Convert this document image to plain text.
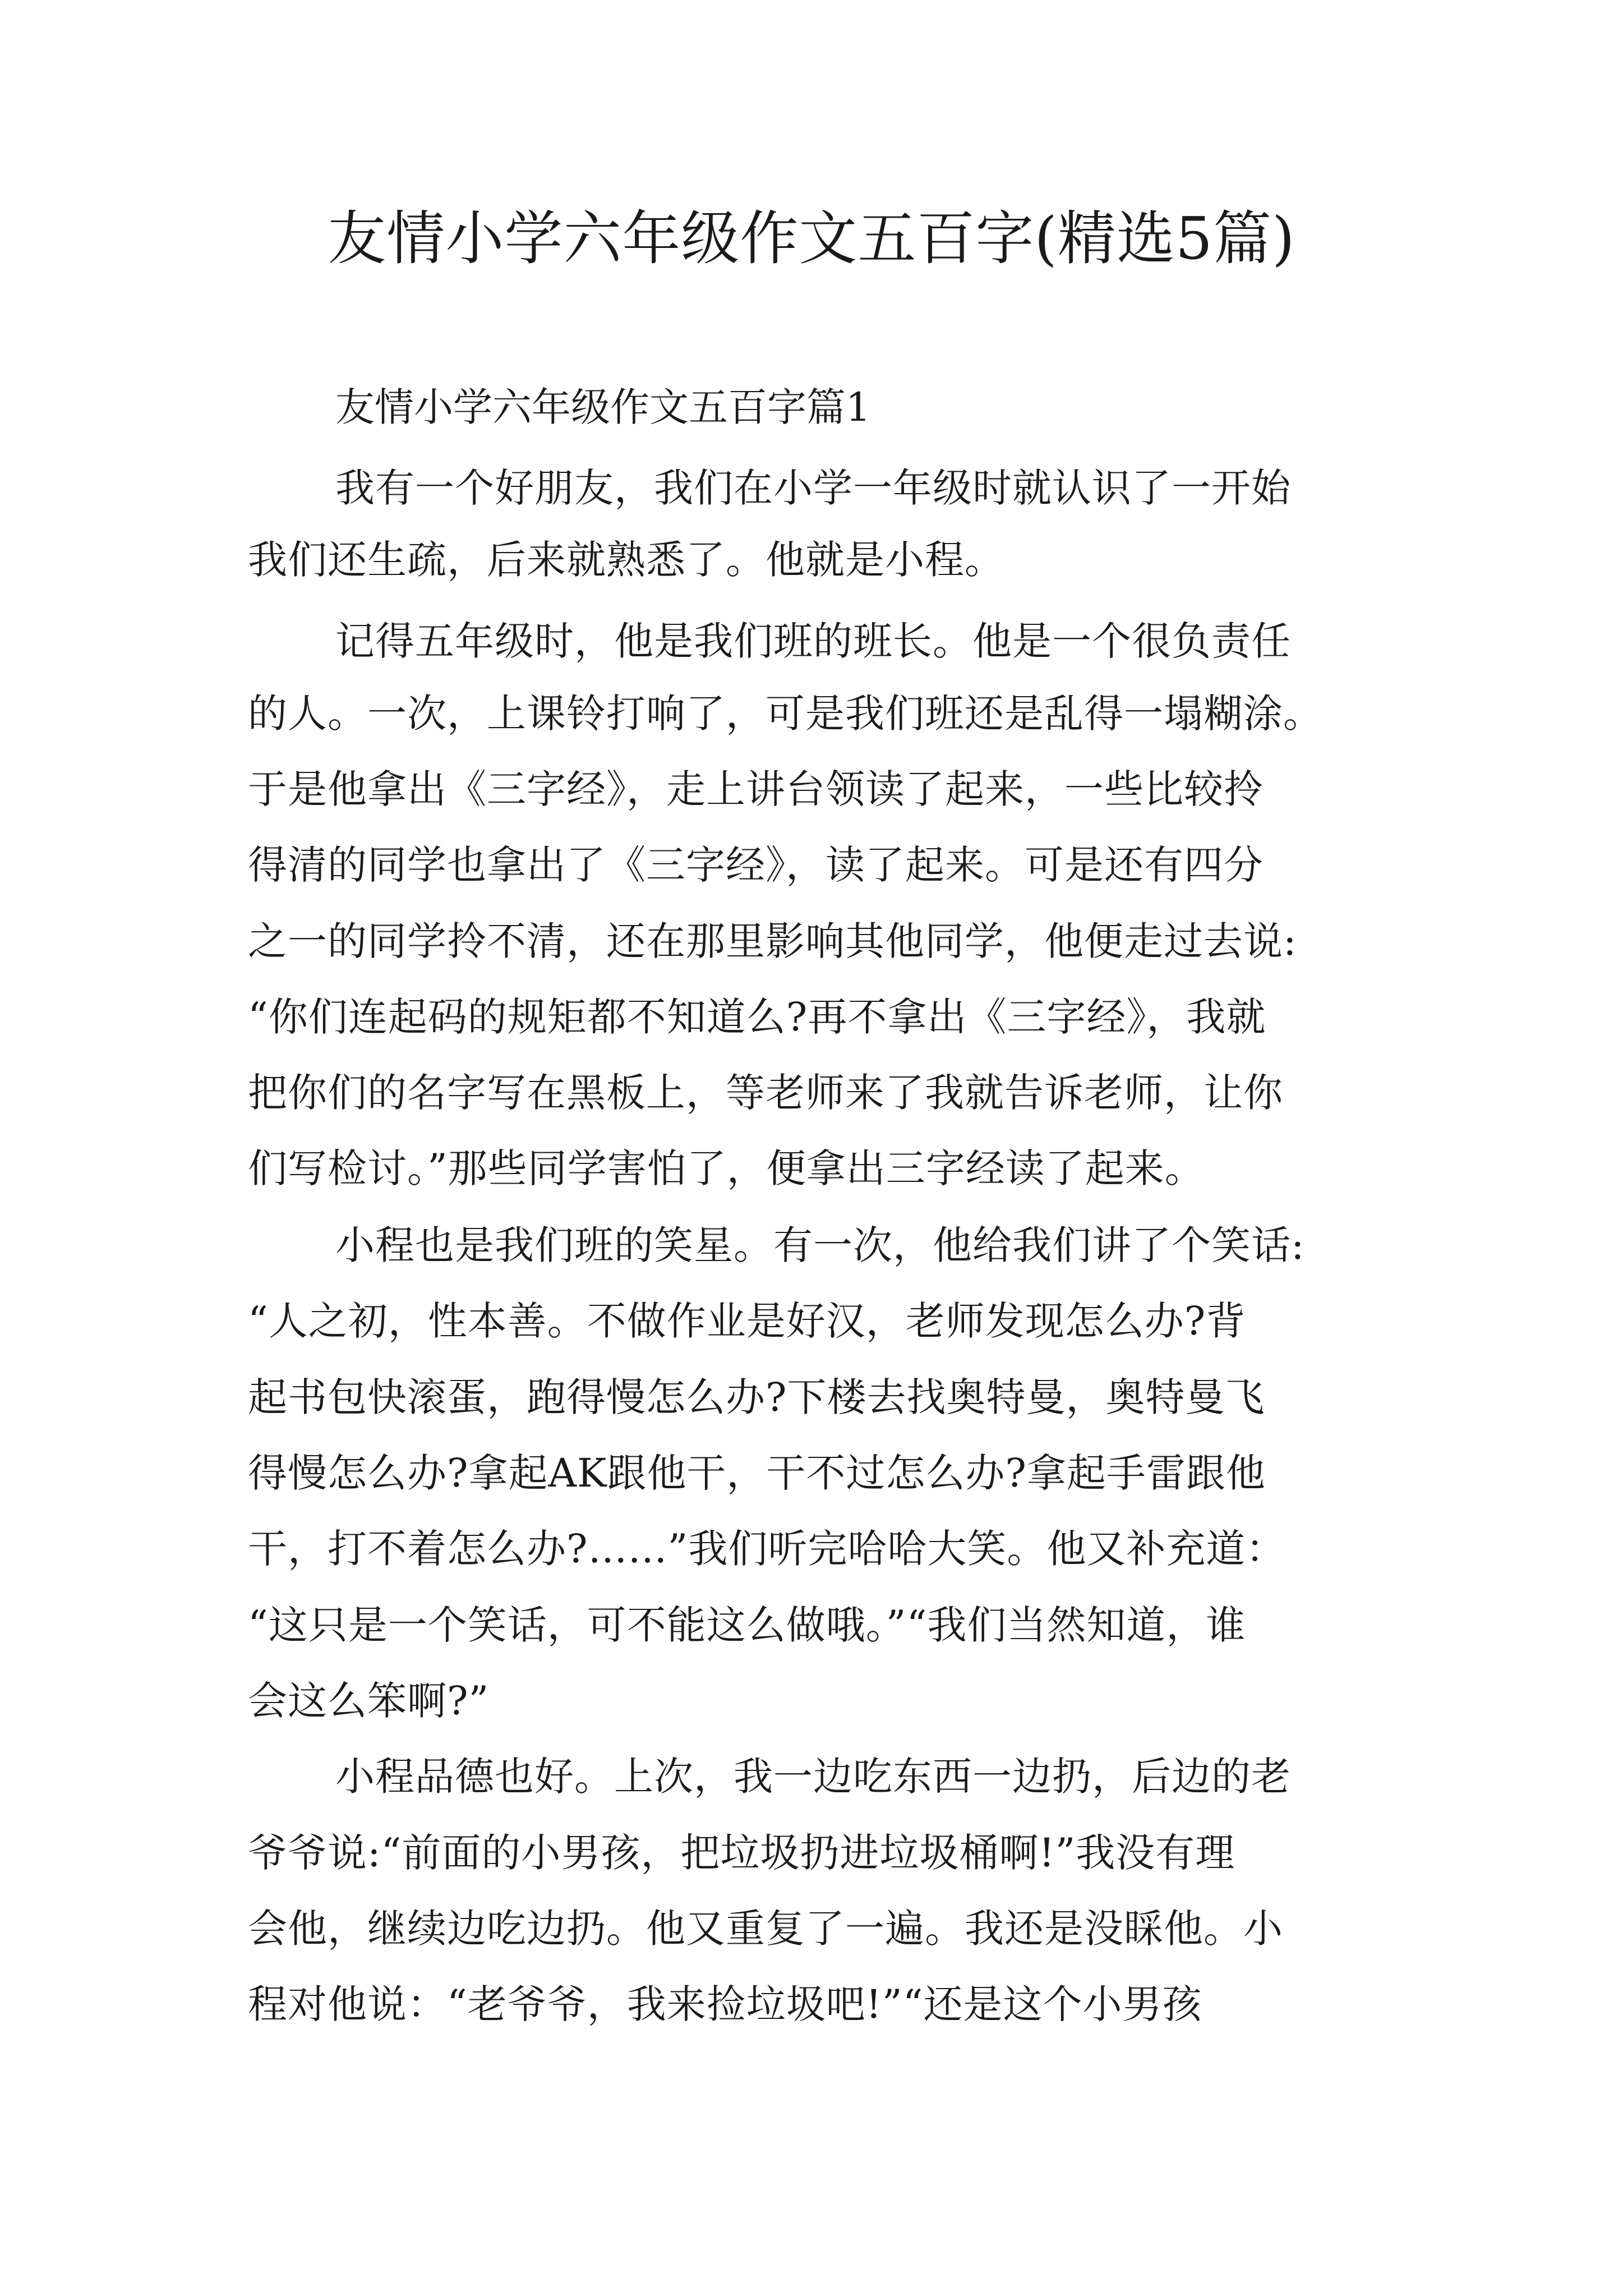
友情小学六年级作文五百字(精选5篇)

友情小学六年级作文五百字篇1

我有一个好朋友，我们在小学一年级时就认识了一开始

我们还生疏，后来就熟悉了。他就是小程。

记得五年级时，他是我们班的班长。他是一个很负责任

的人。一次，上课铃打响了，可是我们班还是乱得一塌糊涂。

于是他拿出《三字经》，走上讲台领读了起来，一些比较拎

得清的同学也拿出了《三字经》，读了起来。可是还有四分

之一的同学拎不清，还在那里影响其他同学，他便走过去说:

“你们连起码的规矩都不知道么?再不拿出《三字经》，我就

把你们的名字写在黑板上，等老师来了我就告诉老师，让你

们写检讨。”那些同学害怕了，便拿出三字经读了起来。

小程也是我们班的笑星。有一次，他给我们讲了个笑话:

“人之初，性本善。不做作业是好汉，老师发现怎么办?背

起书包快滚蛋，跑得慢怎么办?下楼去找奥特曼，奥特曼飞

得慢怎么办?拿起AK跟他干，干不过怎么办?拿起手雷跟他

干，打不着怎么办?……”我们听完哈哈大笑。他又补充道：

“这只是一个笑话，可不能这么做哦。”“我们当然知道，谁

会这么笨啊?”

小程品德也好。上次，我一边吃东西一边扔，后边的老

爷爷说:“前面的小男孩，把垃圾扔进垃圾桶啊!”我没有理

会他，继续边吃边扔。他又重复了一遍。我还是没睬他。小

程对他说：“老爷爷，我来捡垃圾吧!”“还是这个小男孩
